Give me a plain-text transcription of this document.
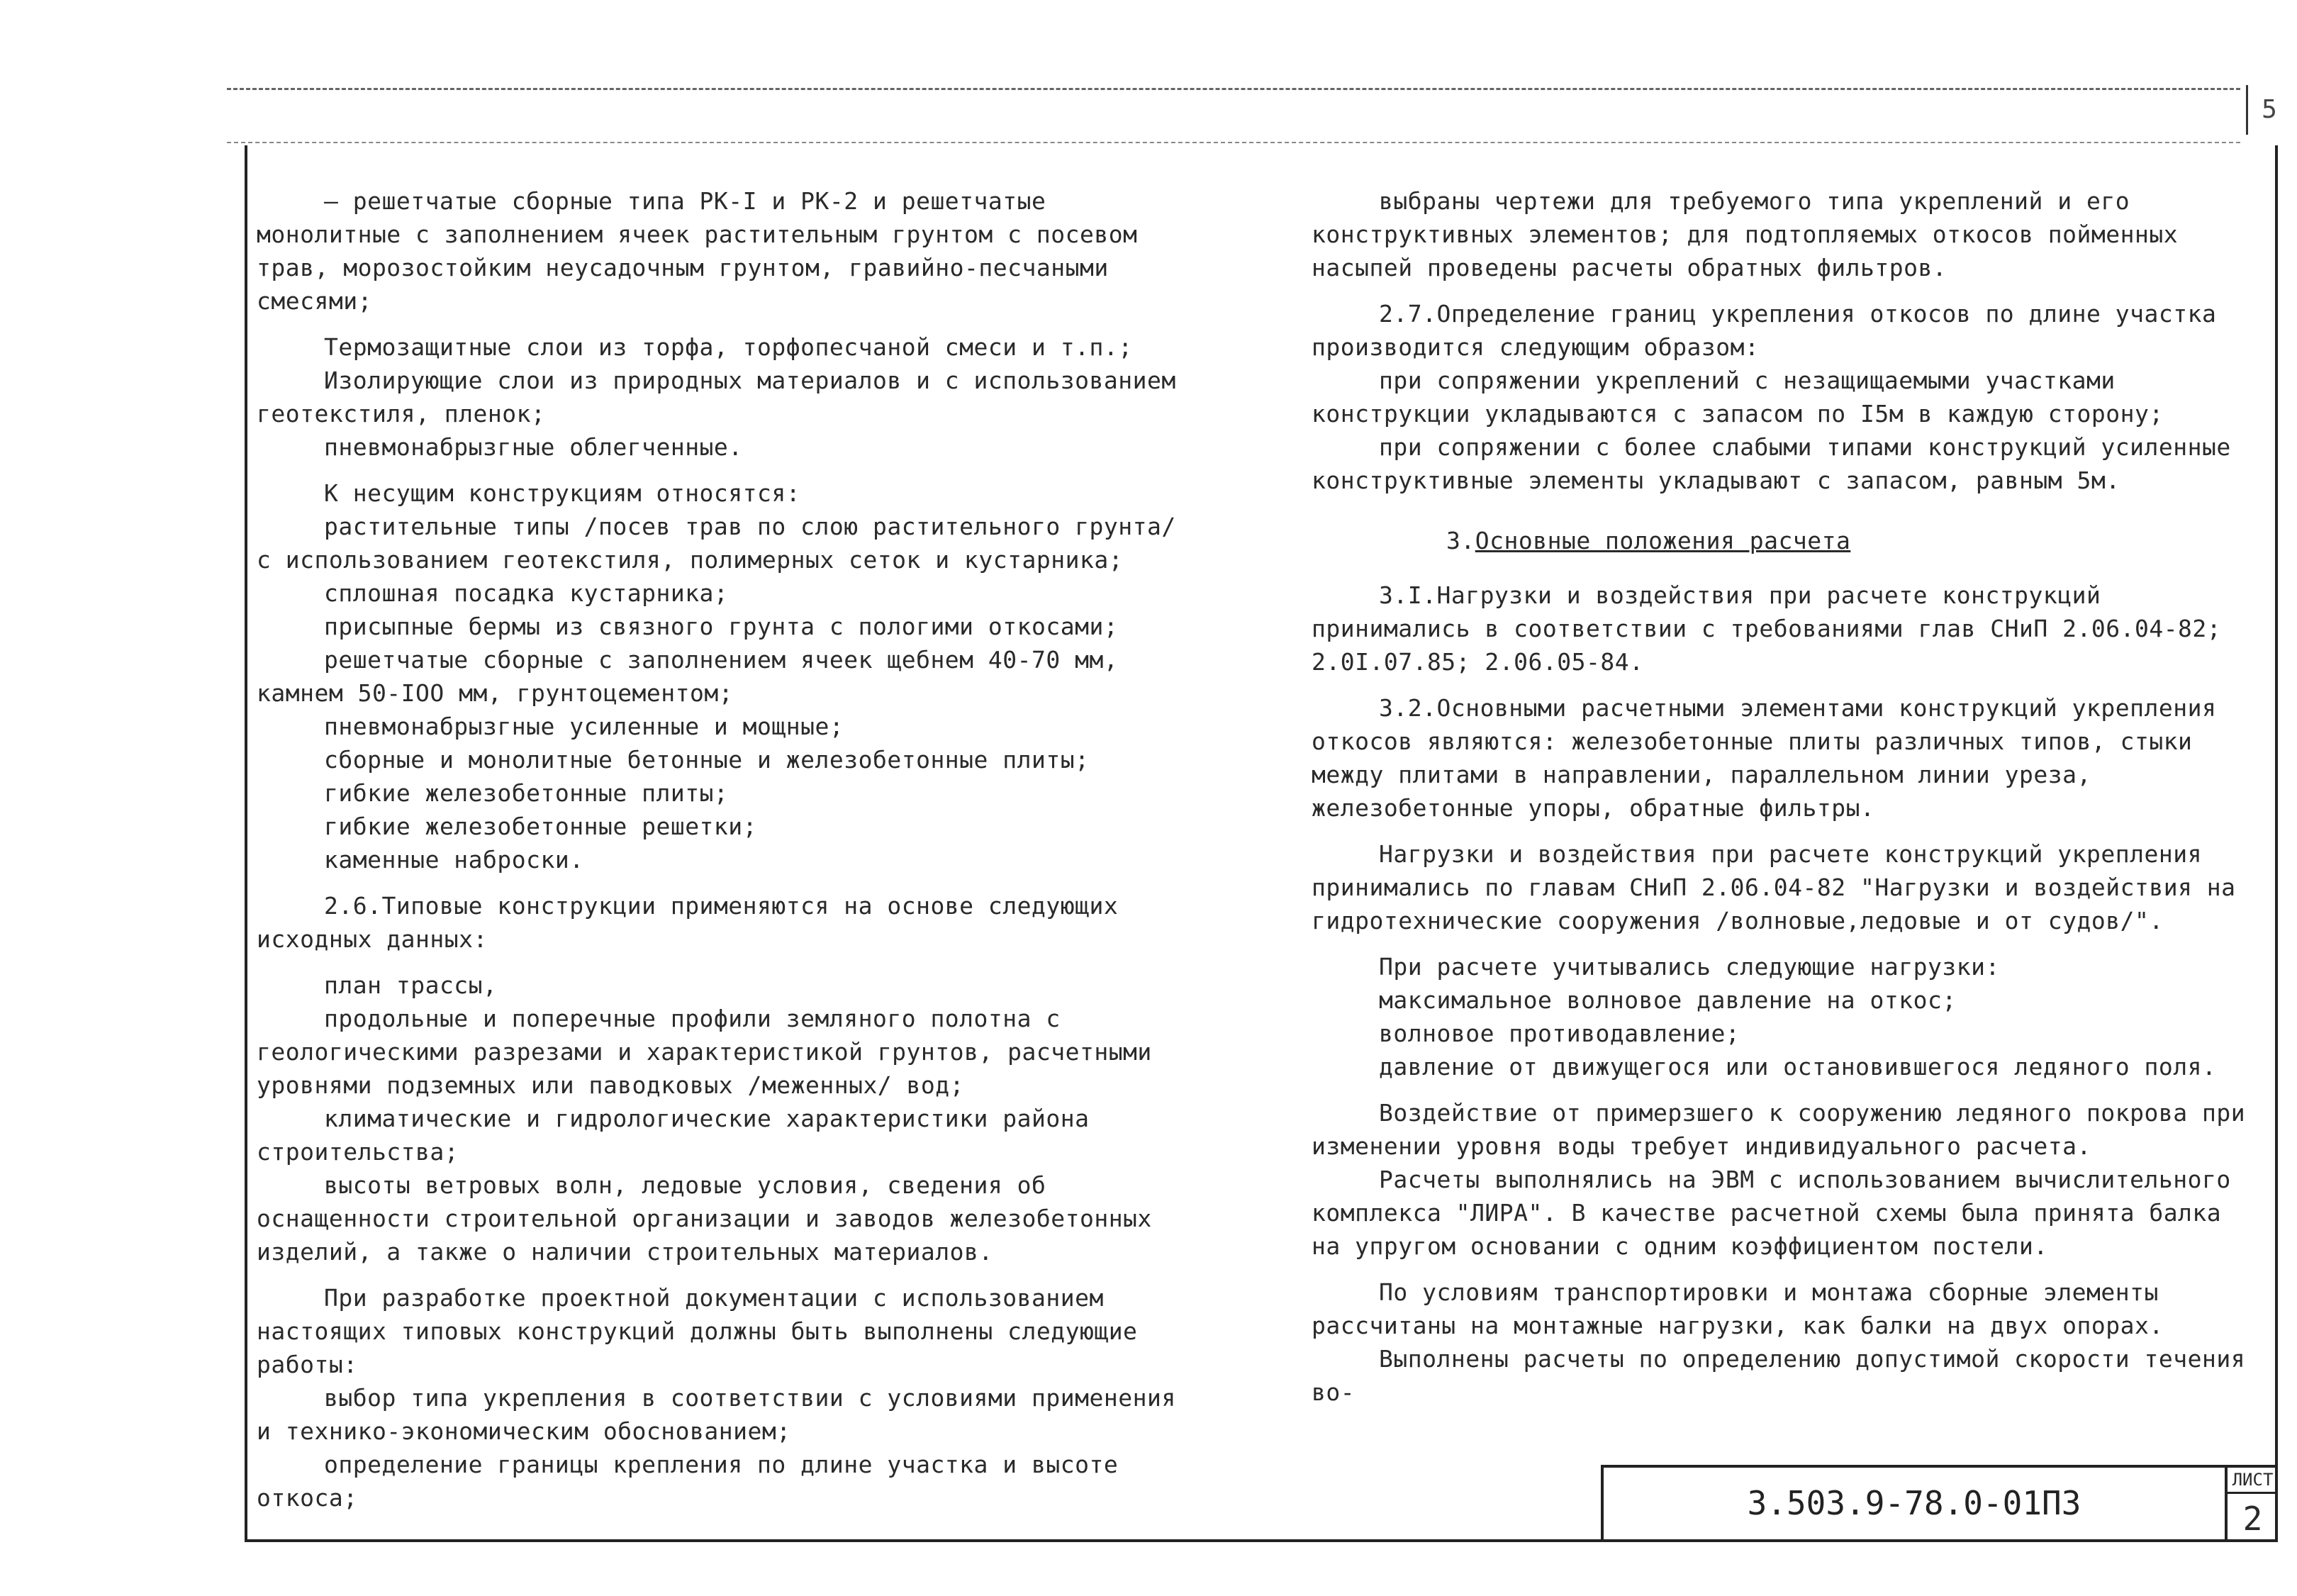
5

– решетчатые сборные типа РК-I и РК-2 и решетчатые монолитные с заполнением ячеек растительным грунтом с посевом трав, морозостойким неусадочным грунтом, гравийно-песчаными смесями;

Термозащитные слои из торфа, торфопесчаной смеси и т.п.;

Изолирующие слои из природных материалов и с использованием геотекстиля, пленок;

пневмонабрызгные облегченные.

К несущим конструкциям относятся:

растительные типы /посев трав по слою растительного грунта/ с использованием геотекстиля, полимерных сеток и кустарника;

сплошная посадка кустарника;

присыпные бермы из связного грунта с пологими откосами;

решетчатые сборные с заполнением ячеек щебнем 40-70 мм, камнем 50-IOO мм, грунтоцементом;

пневмонабрызгные усиленные и мощные;

сборные и монолитные бетонные и железобетонные плиты;

гибкие железобетонные плиты;

гибкие железобетонные решетки;

каменные наброски.

2.6.Типовые конструкции применяются на основе следующих исходных данных:

план трассы,

продольные и поперечные профили земляного полотна с геологическими разрезами и характеристикой грунтов, расчетными уровнями подземных или паводковых /меженных/ вод;

климатические и гидрологические характеристики района строительства;

высоты ветровых волн, ледовые условия, сведения об оснащенности строительной организации и заводов железобетонных изделий, а также о наличии строительных материалов.

При разработке проектной документации с использованием настоящих типовых конструкций должны быть выполнены следующие работы:

выбор типа укрепления в соответствии с условиями применения и технико-экономическим обоснованием;

определение границы крепления по длине участка и высоте откоса;

выбраны чертежи для требуемого типа укреплений и его конструктивных элементов; для подтопляемых откосов пойменных насыпей проведены расчеты обратных фильтров.

2.7.Определение границ укрепления откосов по длине участка производится следующим образом:

при сопряжении укреплений с незащищаемыми участками конструкции укладываются с запасом по I5м в каждую сторону;

при сопряжении с более слабыми типами конструкций усиленные конструктивные элементы укладывают с запасом, равным 5м.

3.Основные положения расчета

3.I.Нагрузки и воздействия при расчете конструкций принимались в соответствии с требованиями глав СНиП 2.06.04-82; 2.0I.07.85; 2.06.05-84.

3.2.Основными расчетными элементами конструкций укрепления откосов являются: железобетонные плиты различных типов, стыки между плитами в направлении, параллельном линии уреза, железобетонные упоры, обратные фильтры.

Нагрузки и воздействия при расчете конструкций укрепления принимались по главам СНиП 2.06.04-82 "Нагрузки и воздействия на гидротехнические сооружения /волновые,ледовые и от судов/".

При расчете учитывались следующие нагрузки:

максимальное волновое давление на откос;

волновое противодавление;

давление от движущегося или остановившегося ледяного поля.

Воздействие от примерзшего к сооружению ледяного покрова при изменении уровня воды требует индивидуального расчета.

Расчеты выполнялись на ЭВМ с использованием вычислительного комплекса "ЛИРА". В качестве расчетной схемы была принята балка на упругом основании с одним коэффициентом постели.

По условиям транспортировки и монтажа сборные элементы рассчитаны на монтажные нагрузки, как балки на двух опорах.

Выполнены расчеты по определению допустимой скорости течения во-

3.503.9-78.0-01ПЗ
ЛИСТ
2
